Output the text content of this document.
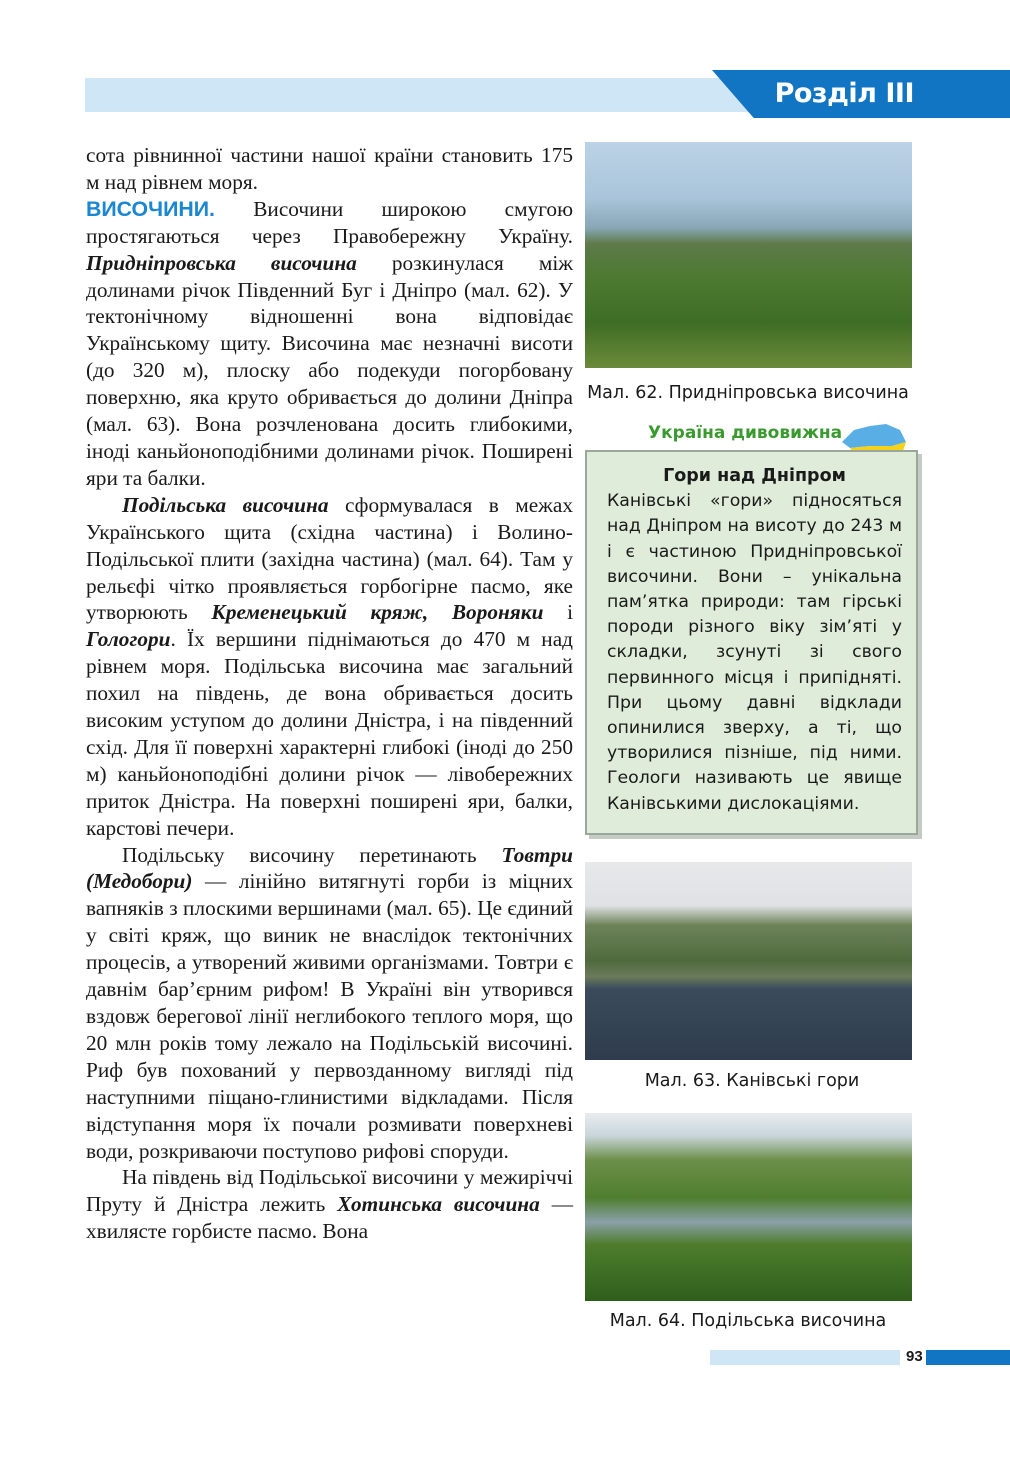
Розділ III

сота рівнинної частини нашої країни становить 175 м над рівнем моря.

ВИСОЧИНИ. Височини широкою смугою простягаються через Правобережну Україну. Придніпровська височина розкинулася між долинами річок Південний Буг і Дніпро (мал. 62). У тектонічному відношенні вона відповідає Українському щиту. Височина має незначні висоти (до 320 м), плоску або подекуди погорбовану поверхню, яка круто обривається до долини Дніпра (мал. 63). Вона розчленована досить глибокими, іноді каньйоноподібними долинами річок. Поширені яри та балки.

Подільська височина сформувалася в межах Українського щита (східна частина) і Волино-Подільської плити (західна частина) (мал. 64). Там у рельєфі чітко проявляється горбогірне пасмо, яке утворюють Кременецький кряж, Вороняки і Гологори. Їх вершини піднімаються до 470 м над рівнем моря. Подільська височина має загальний похил на південь, де вона обривається досить високим уступом до долини Дністра, і на південний схід. Для її поверхні характерні глибокі (іноді до 250 м) каньйоноподібні долини річок — лівобережних приток Дністра. На поверхні поширені яри, балки, карстові печери.

Подільську височину перетинають Товтри (Медобори) — лінійно витягнуті горби із міцних вапняків з плоскими вершинами (мал. 65). Це єдиний у світі кряж, що виник не внаслідок тектонічних процесів, а утворений живими організмами. Товтри є давнім бар’єрним рифом! В Україні він утворився вздовж берегової лінії неглибокого теплого моря, що 20 млн років тому лежало на Подільській височині. Риф був похований у первозданному вигляді під наступними піщано-глинистими відкладами. Після відступання моря їх почали розмивати поверхневі води, розкриваючи поступово рифові споруди.

На південь від Подільської височини у межиріччі Пруту й Дністра лежить Хотинська височина — хвилясте горбисте пасмо. Вона

Мал. 62. Придніпровська височина
Україна дивовижна
Гори над Дніпром

Канівські «гори» підносяться над Дніпром на висоту до 243 м і є частиною Придніпровської височини. Вони – унікальна пам’ятка природи: там гірські породи різного віку зім’яті у складки, зсунуті зі свого первинного місця і припідняті. При цьому давні відклади опинилися зверху, а ті, що утворилися пізніше, під ними. Геологи називають це явище Канівськими дислокаціями.

Мал. 63. Канівські гори
Мал. 64. Подільська височина
93
